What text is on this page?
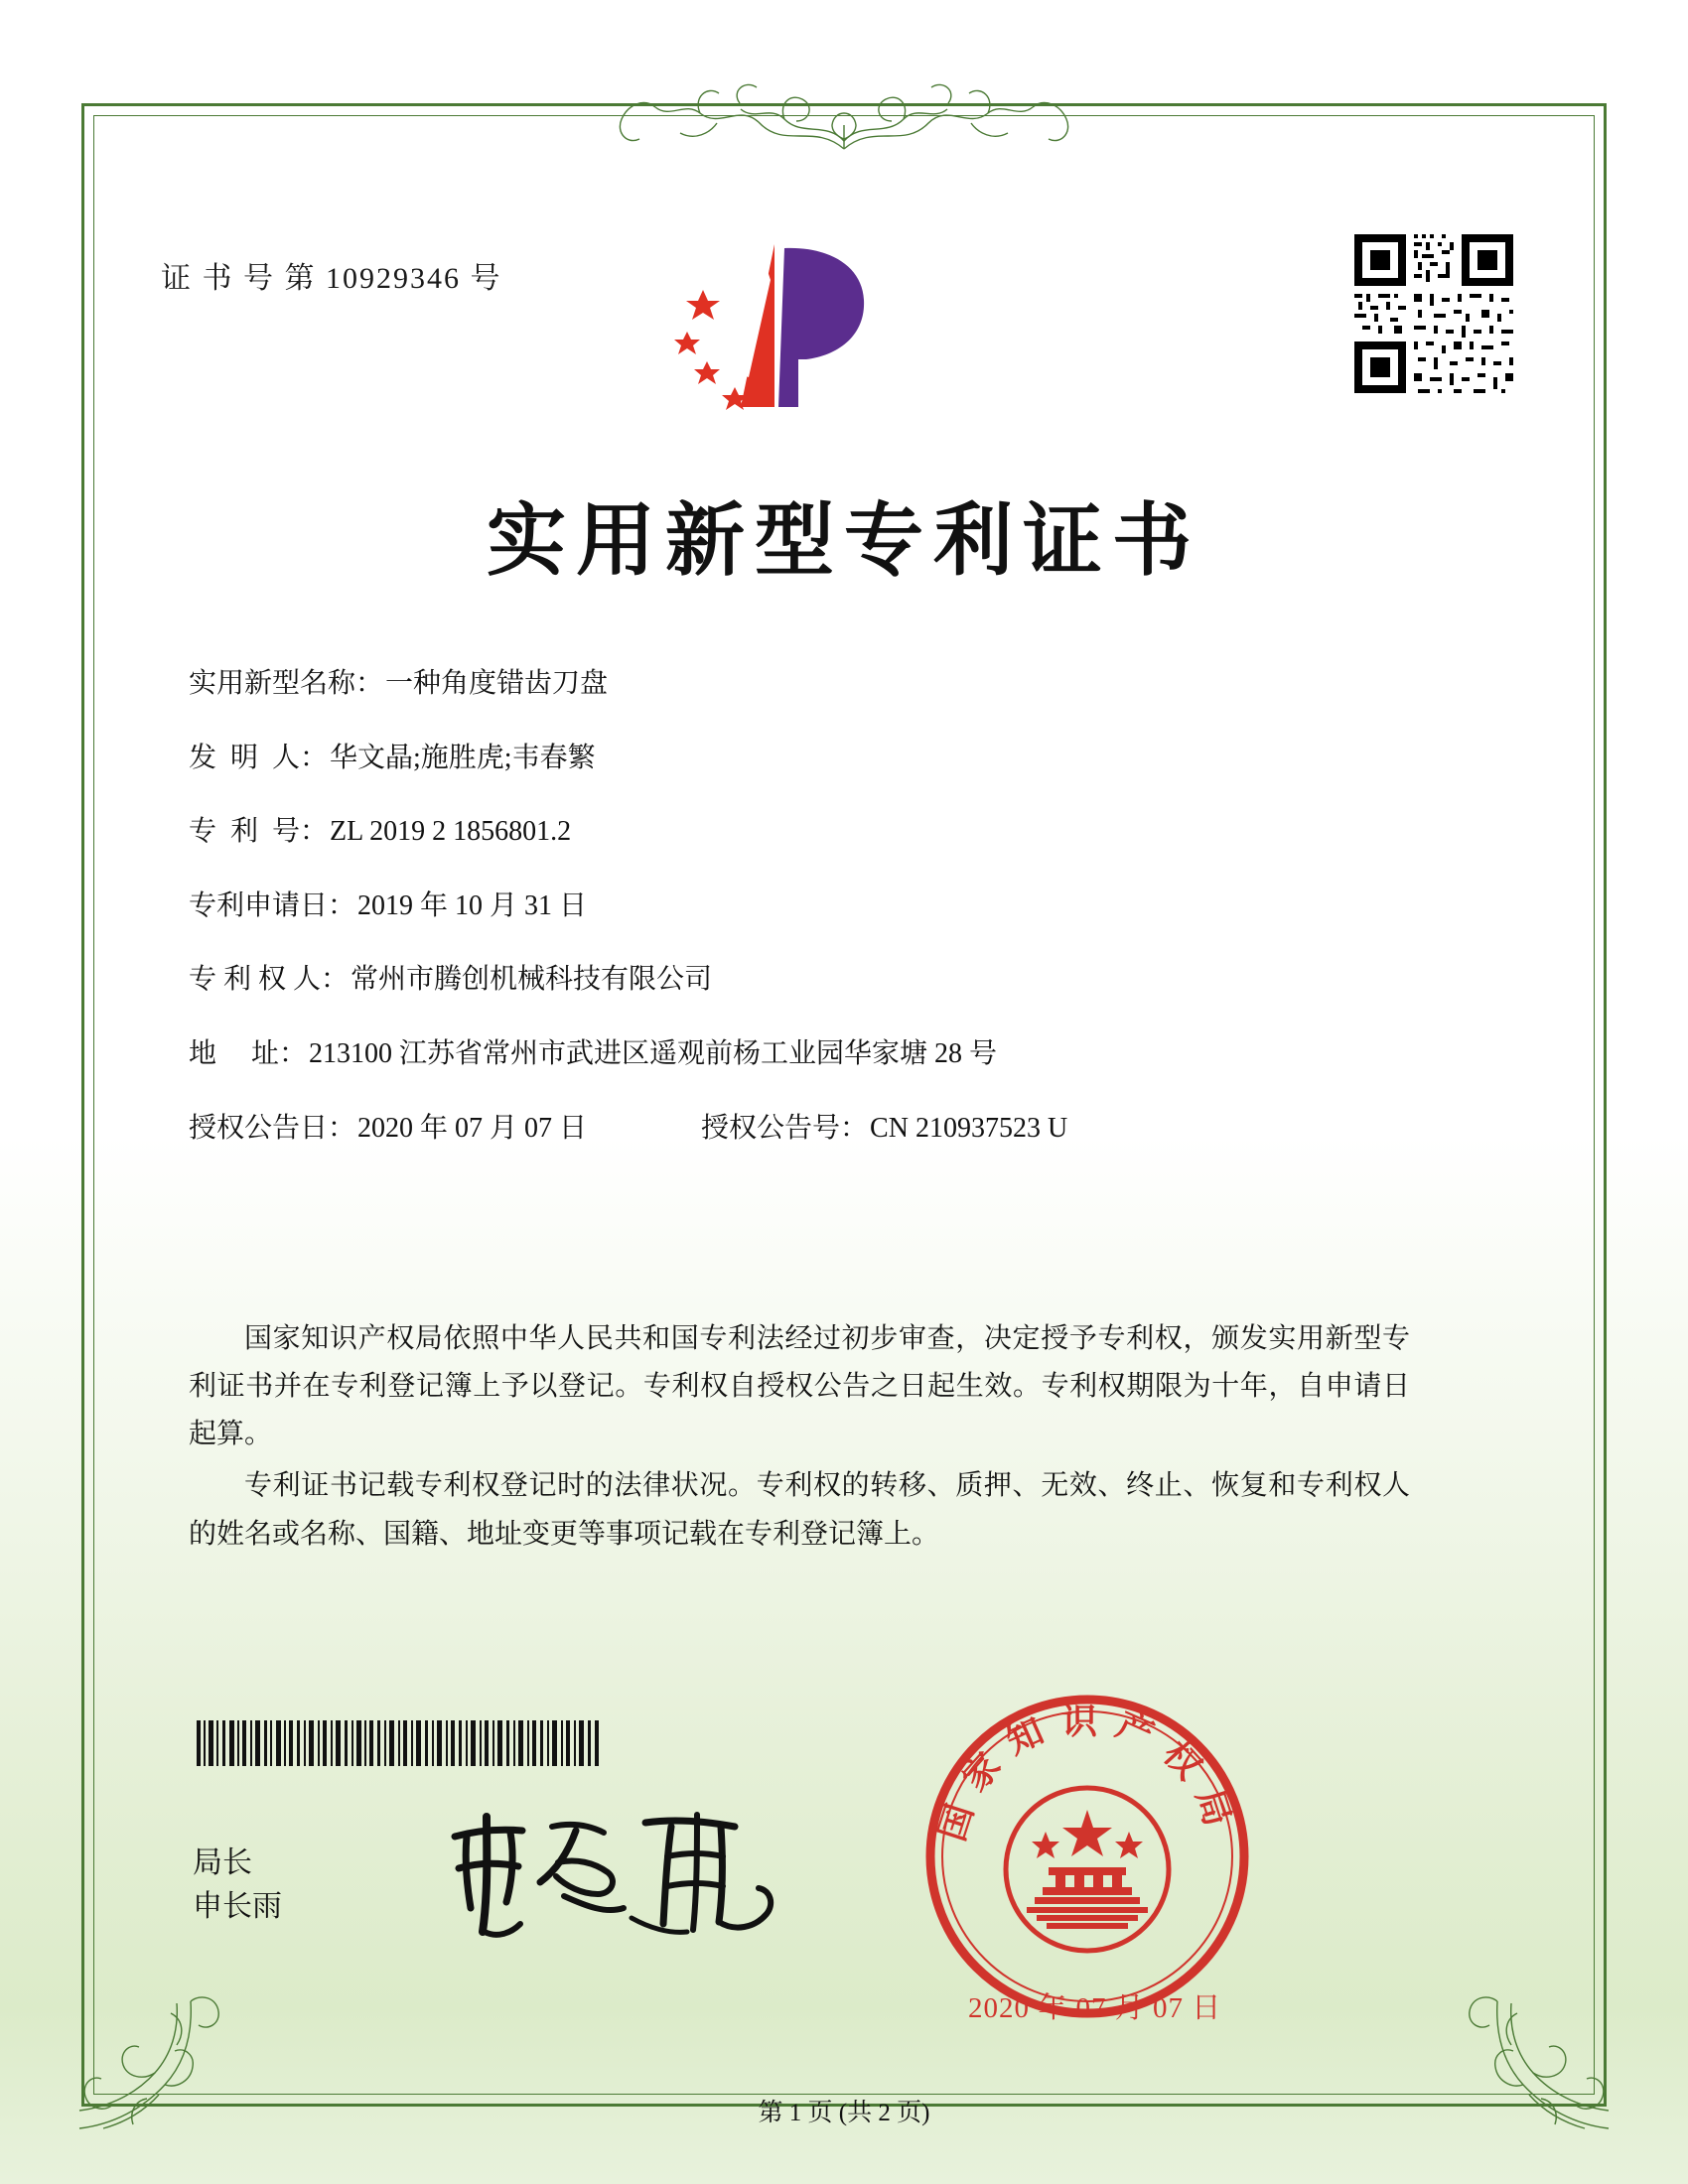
证 书 号 第 10929346 号
实用新型专利证书
实用新型名称： 一种角度错齿刀盘
发  明  人： 华文晶;施胜虎;韦春繁
专  利  号： ZL 2019 2 1856801.2
专利申请日： 2019 年 10 月 31 日
专 利 权 人： 常州市腾创机械科技有限公司
地     址： 213100 江苏省常州市武进区遥观前杨工业园华家塘 28 号
授权公告日： 2020 年 07 月 07 日	授权公告号： CN 210937523 U

国家知识产权局依照中华人民共和国专利法经过初步审查，决定授予专利权，颁发实用新型专利证书并在专利登记簿上予以登记。专利权自授权公告之日起生效。专利权期限为十年，自申请日起算。

专利证书记载专利权登记时的法律状况。专利权的转移、质押、无效、终止、恢复和专利权人的姓名或名称、国籍、地址变更等事项记载在专利登记簿上。

局长
申长雨
国家知识产权局
2020 年 07 月 07 日
第 1 页 (共 2 页)
